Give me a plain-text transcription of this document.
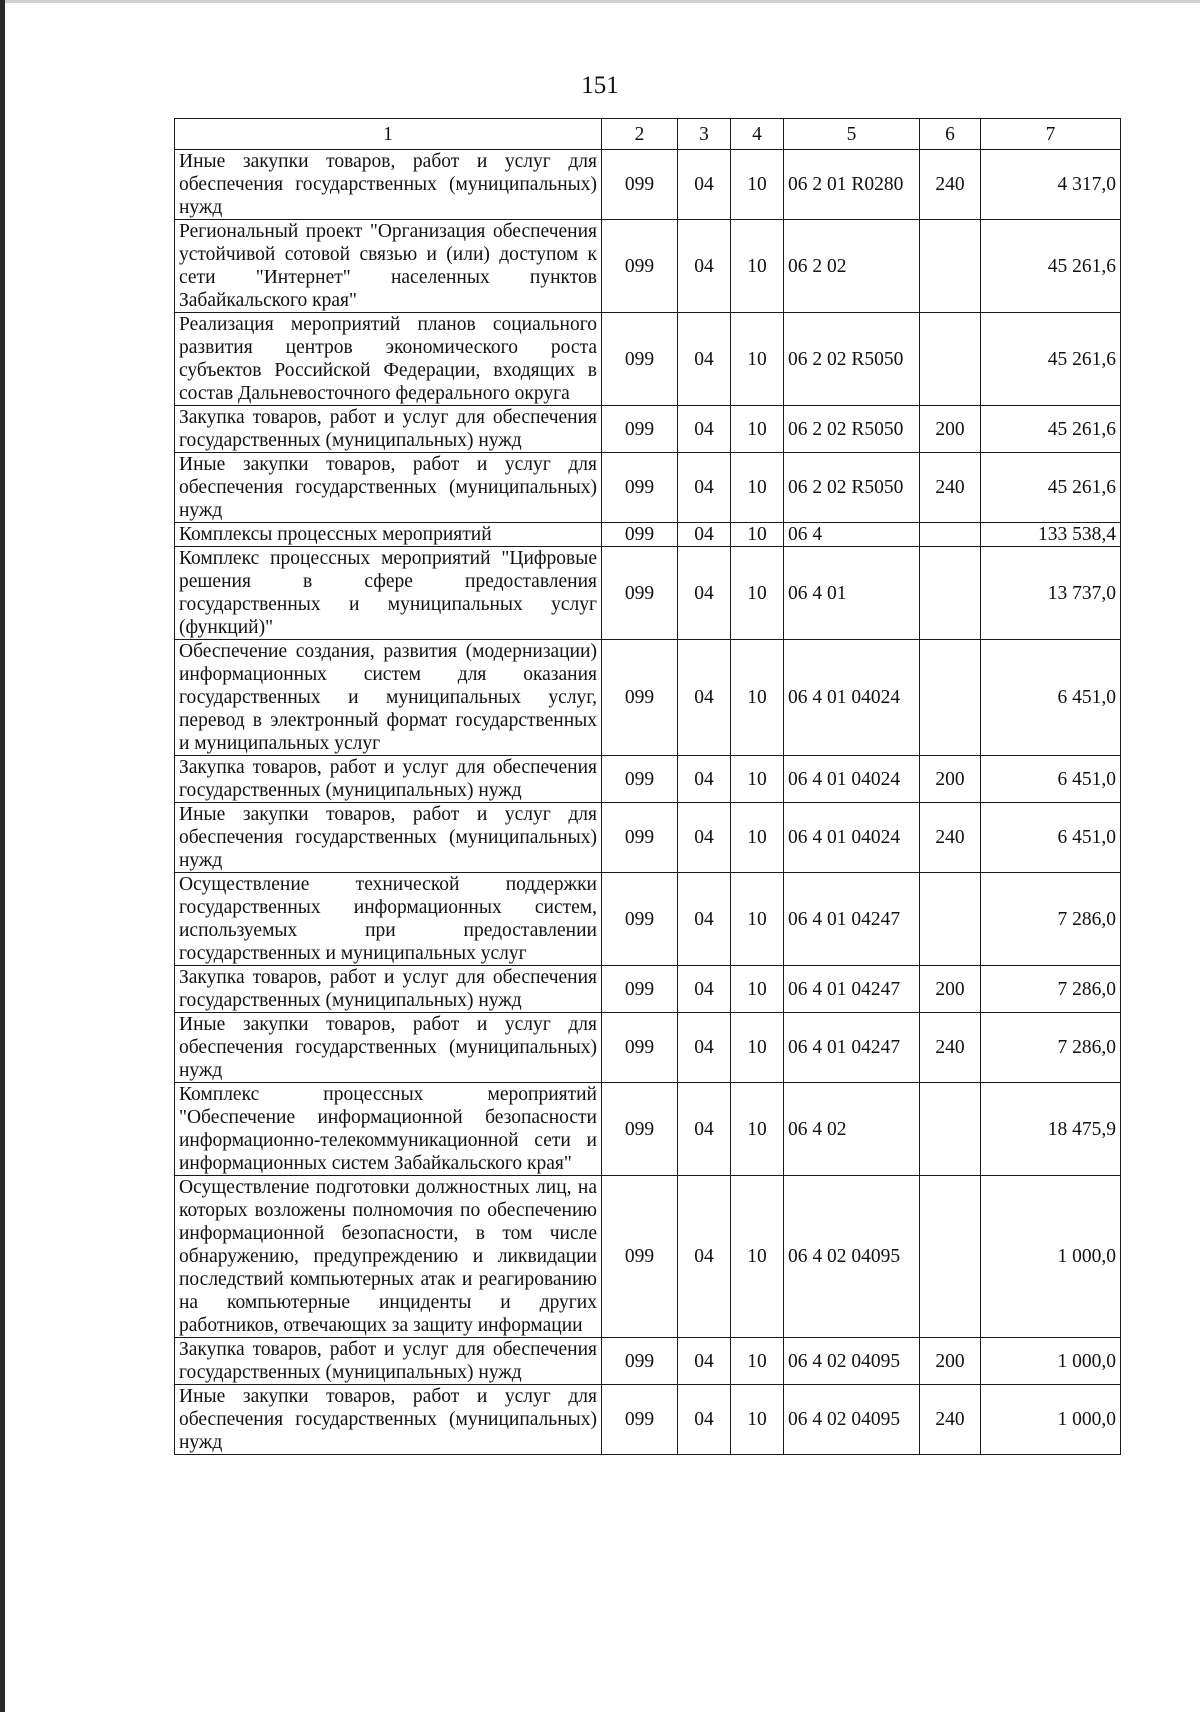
151
1	2	3	4	5	6	7
Иные закупки товаров, работ и услуг для обеспечения государственных (муниципальных) нужд	099	04	10	06 2 01 R0280	240	4 317,0
Региональный проект "Организация обеспечения устойчивой сотовой связью и (или) доступом к сети "Интернет" населенных пунктов Забайкальского края"	099	04	10	06 2 02		45 261,6
Реализация мероприятий планов социального развития центров экономического роста субъектов Российской Федерации, входящих в состав Дальневосточного федерального округа	099	04	10	06 2 02 R5050		45 261,6
Закупка товаров, работ и услуг для обеспечения государственных (муниципальных) нужд	099	04	10	06 2 02 R5050	200	45 261,6
Иные закупки товаров, работ и услуг для обеспечения государственных (муниципальных) нужд	099	04	10	06 2 02 R5050	240	45 261,6
Комплексы процессных мероприятий	099	04	10	06 4		133 538,4
Комплекс процессных мероприятий "Цифровые решения в сфере предоставления государственных и муниципальных услуг (функций)"	099	04	10	06 4 01		13 737,0
Обеспечение создания, развития (модернизации) информационных систем для оказания государственных и муниципальных услуг, перевод в электронный формат государственных и муниципальных услуг	099	04	10	06 4 01 04024		6 451,0
Закупка товаров, работ и услуг для обеспечения государственных (муниципальных) нужд	099	04	10	06 4 01 04024	200	6 451,0
Иные закупки товаров, работ и услуг для обеспечения государственных (муниципальных) нужд	099	04	10	06 4 01 04024	240	6 451,0
Осуществление технической поддержки государственных информационных систем, используемых при предоставлении государственных и муниципальных услуг	099	04	10	06 4 01 04247		7 286,0
Закупка товаров, работ и услуг для обеспечения государственных (муниципальных) нужд	099	04	10	06 4 01 04247	200	7 286,0
Иные закупки товаров, работ и услуг для обеспечения государственных (муниципальных) нужд	099	04	10	06 4 01 04247	240	7 286,0
Комплекс процессных мероприятий "Обеспечение информационной безопасности информационно-телекоммуникационной сети и информационных систем Забайкальского края"	099	04	10	06 4 02		18 475,9
Осуществление подготовки должностных лиц, на которых возложены полномочия по обеспечению информационной безопасности, в том числе обнаружению, предупреждению и ликвидации последствий компьютерных атак и реагированию на компьютерные инциденты и других работников, отвечающих за защиту информации	099	04	10	06 4 02 04095		1 000,0
Закупка товаров, работ и услуг для обеспечения государственных (муниципальных) нужд	099	04	10	06 4 02 04095	200	1 000,0
Иные закупки товаров, работ и услуг для обеспечения государственных (муниципальных) нужд	099	04	10	06 4 02 04095	240	1 000,0
